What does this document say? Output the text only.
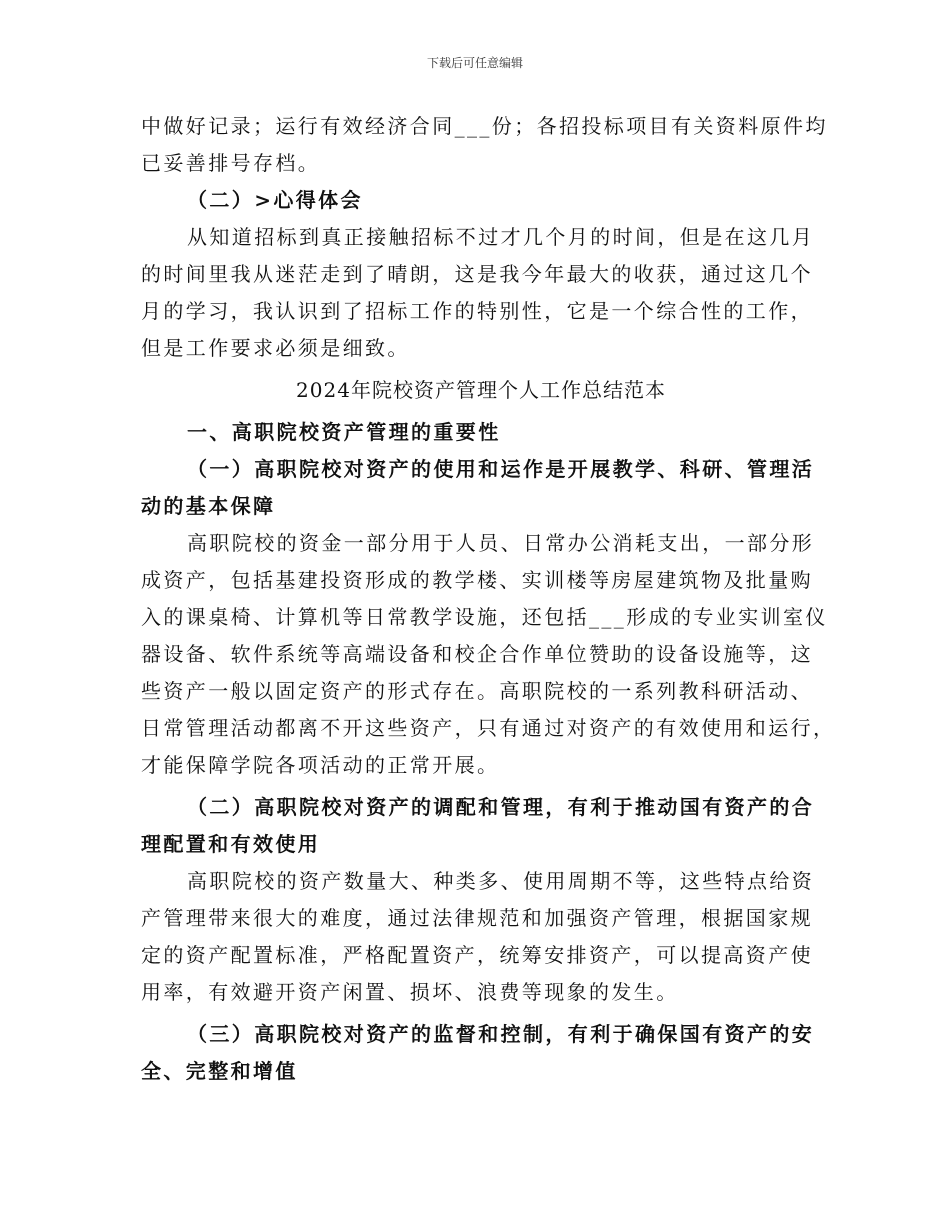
下载后可任意编辑
中做好记录；运行有效经济合同___份；各招投标项目有关资料原件均
已妥善排号存档。
（二）>心得体会
从知道招标到真正接触招标不过才几个月的时间，但是在这几月
的时间里我从迷茫走到了晴朗，这是我今年最大的收获，通过这几个
月的学习，我认识到了招标工作的特别性，它是一个综合性的工作，
但是工作要求必须是细致。
2024年院校资产管理个人工作总结范本
一、高职院校资产管理的重要性
（一）高职院校对资产的使用和运作是开展教学、科研、管理活
动的基本保障
高职院校的资金一部分用于人员、日常办公消耗支出，一部分形
成资产，包括基建投资形成的教学楼、实训楼等房屋建筑物及批量购
入的课桌椅、计算机等日常教学设施，还包括___形成的专业实训室仪
器设备、软件系统等高端设备和校企合作单位赞助的设备设施等，这
些资产一般以固定资产的形式存在。高职院校的一系列教科研活动、
日常管理活动都离不开这些资产，只有通过对资产的有效使用和运行，
才能保障学院各项活动的正常开展。
（二）高职院校对资产的调配和管理，有利于推动国有资产的合
理配置和有效使用
高职院校的资产数量大、种类多、使用周期不等，这些特点给资
产管理带来很大的难度，通过法律规范和加强资产管理，根据国家规
定的资产配置标准，严格配置资产，统筹安排资产，可以提高资产使
用率，有效避开资产闲置、损坏、浪费等现象的发生。
（三）高职院校对资产的监督和控制，有利于确保国有资产的安
全、完整和增值
